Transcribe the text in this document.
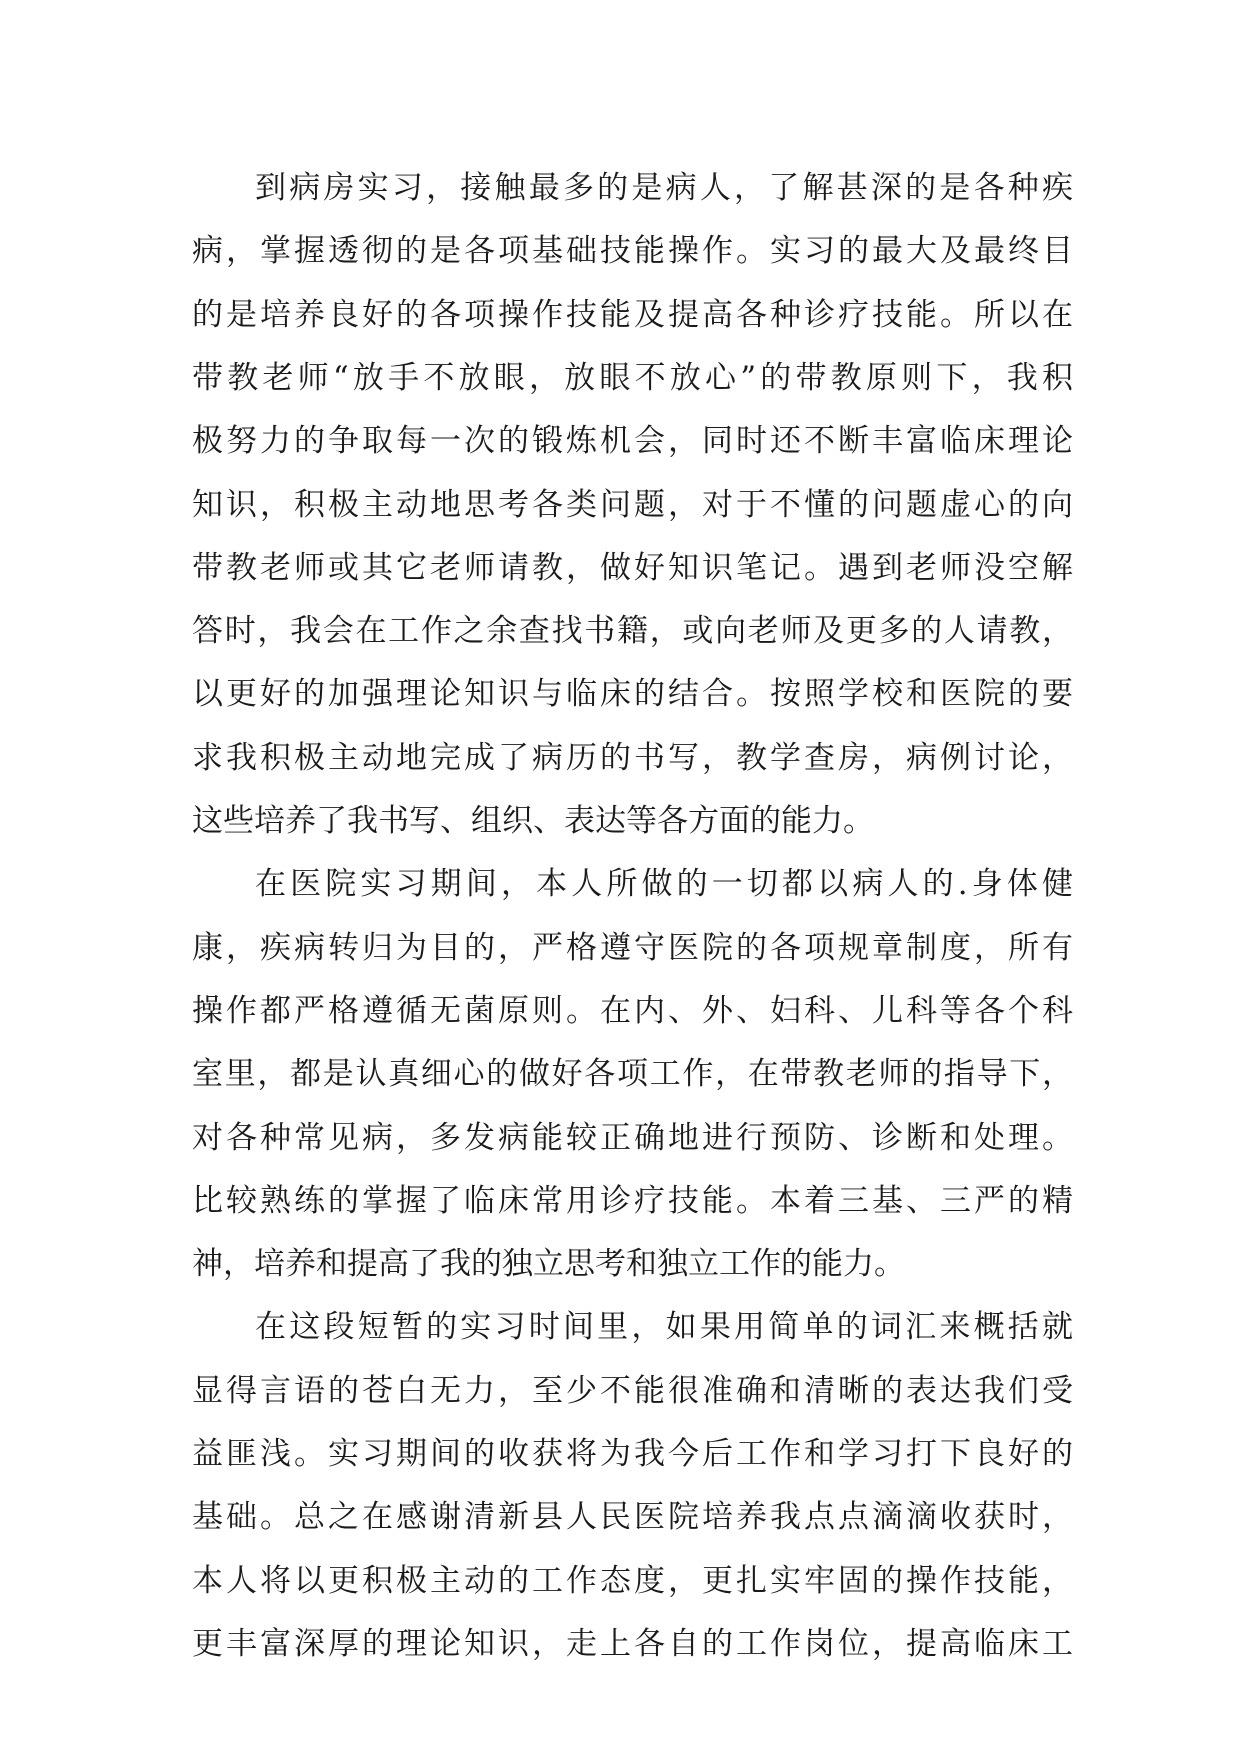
到病房实习，接触最多的是病人，了解甚深的是各种疾
病，掌握透彻的是各项基础技能操作。实习的最大及最终目
的是培养良好的各项操作技能及提高各种诊疗技能。所以在
带教老师“放手不放眼，放眼不放心”的带教原则下，我积
极努力的争取每一次的锻炼机会，同时还不断丰富临床理论
知识，积极主动地思考各类问题，对于不懂的问题虚心的向
带教老师或其它老师请教，做好知识笔记。遇到老师没空解
答时，我会在工作之余查找书籍，或向老师及更多的人请教，
以更好的加强理论知识与临床的结合。按照学校和医院的要
求我积极主动地完成了病历的书写，教学查房，病例讨论，
这些培养了我书写、组织、表达等各方面的能力。
在医院实习期间，本人所做的一切都以病人的.身体健
康，疾病转归为目的，严格遵守医院的各项规章制度，所有
操作都严格遵循无菌原则。在内、外、妇科、儿科等各个科
室里，都是认真细心的做好各项工作，在带教老师的指导下，
对各种常见病，多发病能较正确地进行预防、诊断和处理。
比较熟练的掌握了临床常用诊疗技能。本着三基、三严的精
神，培养和提高了我的独立思考和独立工作的能力。
在这段短暂的实习时间里，如果用简单的词汇来概括就
显得言语的苍白无力，至少不能很准确和清晰的表达我们受
益匪浅。实习期间的收获将为我今后工作和学习打下良好的
基础。总之在感谢清新县人民医院培养我点点滴滴收获时，
本人将以更积极主动的工作态度，更扎实牢固的操作技能，
更丰富深厚的理论知识，走上各自的工作岗位，提高临床工
